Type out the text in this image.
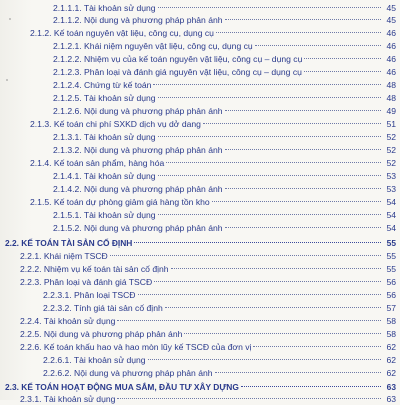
2.1.1.1. Tài khoản sử dụng	45
2.1.1.2. Nội dung và phương pháp phản ánh	45
2.1.2. Kế toán nguyên vật liệu, công cụ, dụng cụ	46
2.1.2.1. Khái niệm nguyên vật liệu, công cụ, dụng cụ	46
2.1.2.2. Nhiệm vụ của kế toán nguyên vật liệu, công cụ – dụng cụ	46
2.1.2.3. Phân loại và đánh giá nguyên vật liệu, công cụ – dụng cụ	46
2.1.2.4. Chứng từ kế toán	48
2.1.2.5. Tài khoản sử dụng	48
2.1.2.6. Nội dung và phương pháp phản ánh	49
2.1.3. Kế toán chi phí SXKD dịch vụ dở dang	51
2.1.3.1. Tài khoản sử dụng	52
2.1.3.2. Nội dung và phương pháp phản ánh	52
2.1.4. Kế toán sản phẩm, hàng hóa	52
2.1.4.1. Tài khoản sử dụng	53
2.1.4.2. Nội dung và phương pháp phản ánh	53
2.1.5. Kế toán dự phòng giảm giá hàng tồn kho	54
2.1.5.1. Tài khoản sử dụng	54
2.1.5.2. Nội dung và phương pháp phản ánh	54
2.2. KẾ TOÁN TÀI SẢN CỐ ĐỊNH	55
2.2.1. Khái niệm TSCĐ	55
2.2.2. Nhiệm vụ kế toán tài sản cố định	55
2.2.3. Phân loại và đánh giá TSCĐ	56
2.2.3.1. Phân loại TSCĐ	56
2.2.3.2. Tính giá tài sản cố định	57
2.2.4. Tài khoản sử dụng	58
2.2.5. Nội dung và phương pháp phản ánh	58
2.2.6. Kế toán khấu hao và hao mòn lũy kế TSCĐ của đơn vị	62
2.2.6.1. Tài khoản sử dụng	62
2.2.6.2. Nội dung và phương pháp phản ánh	62
2.3. KẾ TOÁN HOẠT ĐỘNG MUA SẮM, ĐẦU TƯ XÂY DỰNG	63
2.3.1. Tài khoản sử dụng	63
